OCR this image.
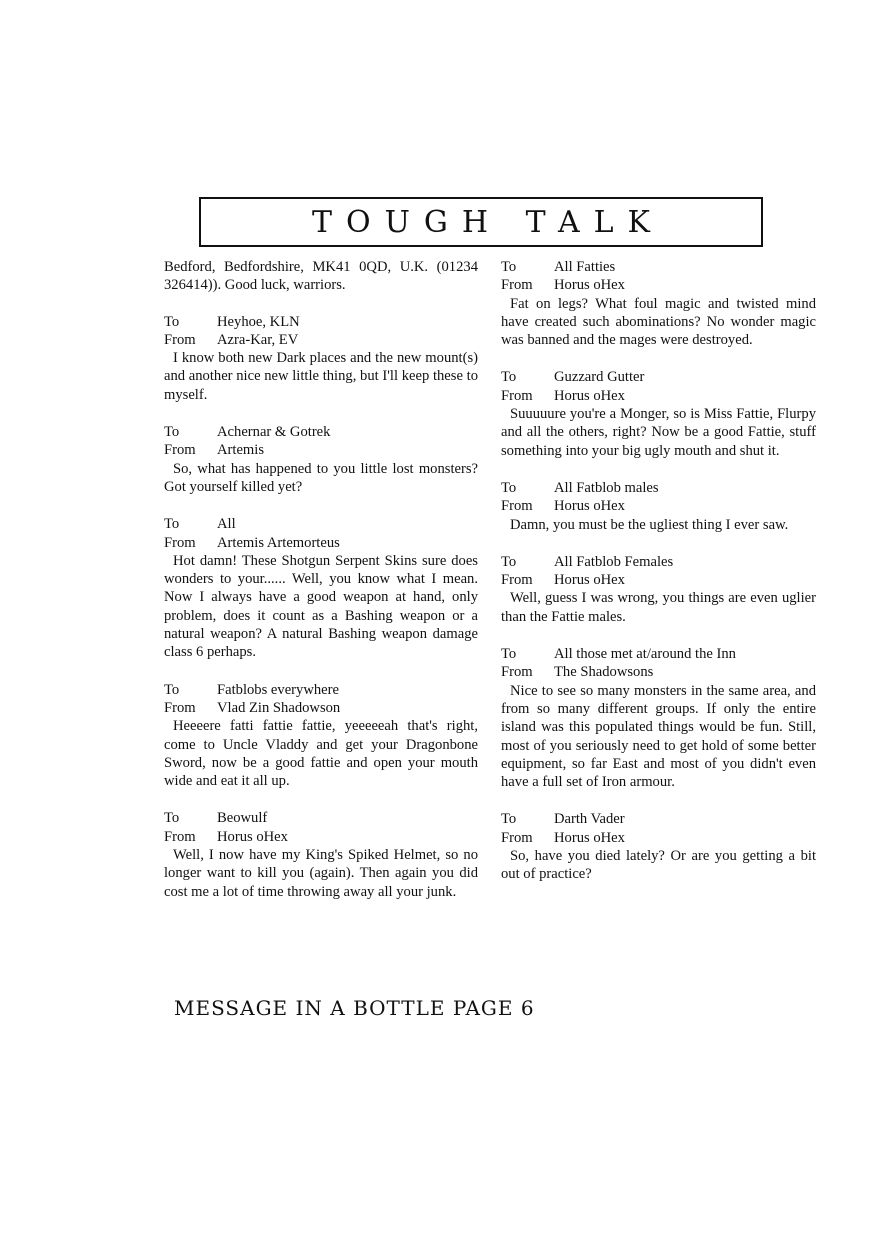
TOUGH TALK
Bedford, Bedfordshire, MK41 0QD, U.K. (01234 326414)). Good luck, warriors.
To	Heyhoe, KLN
From	Azra-Kar, EV
I know both new Dark places and the new mount(s) and another nice new little thing, but I'll keep these to myself.
To	Achernar & Gotrek
From	Artemis
So, what has happened to you little lost monsters? Got yourself killed yet?
To	All
From	Artemis Artemorteus
Hot damn! These Shotgun Serpent Skins sure does wonders to your...... Well, you know what I mean. Now I always have a good weapon at hand, only problem, does it count as a Bashing weapon or a natural weapon? A natural Bashing weapon damage class 6 perhaps.
To	Fatblobs everywhere
From	Vlad Zin Shadowson
Heeeere fatti fattie fattie, yeeeeeah that's right, come to Uncle Vladdy and get your Dragonbone Sword, now be a good fattie and open your mouth wide and eat it all up.
To	Beowulf
From	Horus oHex
Well, I now have my King's Spiked Helmet, so no longer want to kill you (again). Then again you did cost me a lot of time throwing away all your junk.
To	All Fatties
From	Horus oHex
Fat on legs? What foul magic and twisted mind have created such abominations? No wonder magic was banned and the mages were destroyed.
To	Guzzard Gutter
From	Horus oHex
Suuuuure you're a Monger, so is Miss Fattie, Flurpy and all the others, right? Now be a good Fattie, stuff something into your big ugly mouth and shut it.
To	All Fatblob males
From	Horus oHex
Damn, you must be the ugliest thing I ever saw.
To	All Fatblob Females
From	Horus oHex
Well, guess I was wrong, you things are even uglier than the Fattie males.
To	All those met at/around the Inn
From	The Shadowsons
Nice to see so many monsters in the same area, and from so many different groups. If only the entire island was this populated things would be fun. Still, most of you seriously need to get hold of some better equipment, so far East and most of you didn't even have a full set of Iron armour.
To	Darth Vader
From	Horus oHex
So, have you died lately? Or are you getting a bit out of practice?
MESSAGE IN A BOTTLE PAGE 6
